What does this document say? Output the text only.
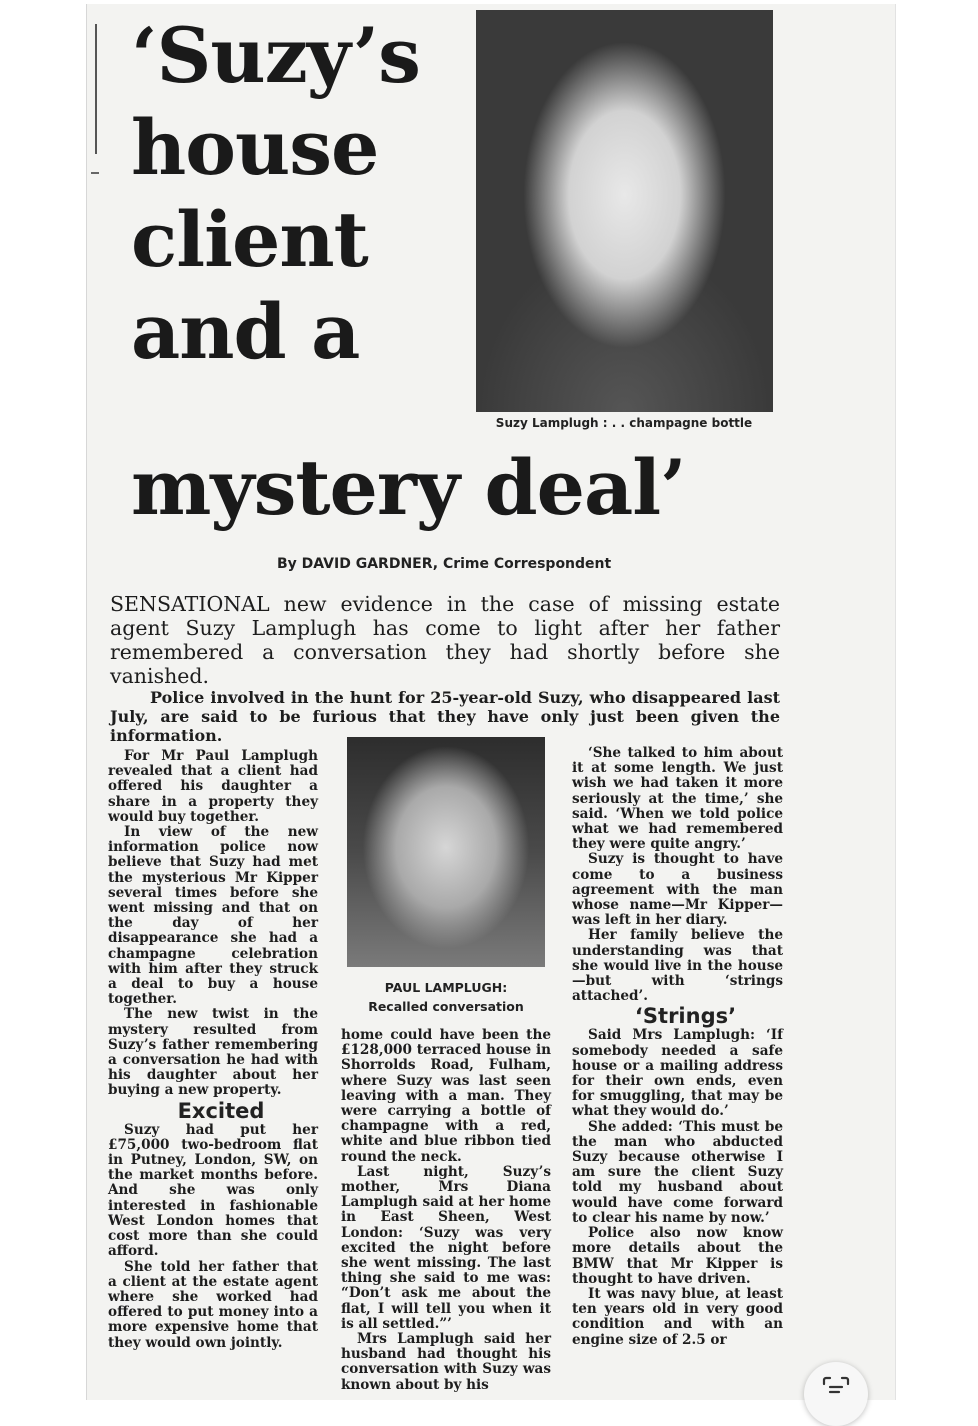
‘Suzy’s
house
client
and a
mystery deal’

Suzy Lamplugh : . . champagne bottle

By DAVID GARDNER, Crime Correspondent

SENSATIONAL new evidence in the case of missing estate agent Suzy Lamplugh has come to light after her father remembered a conversation they had shortly before she vanished.

Police involved in the hunt for 25-year-old Suzy, who disappeared last July, are said to be furious that they have only just been given the information.

For Mr Paul Lamplugh revealed that a client had offered his daughter a share in a property they would buy together.

In view of the new information police now believe that Suzy had met the mysterious Mr Kipper several times before she went missing and that on the day of her disappearance she had a champagne celebration with him after they struck a deal to buy a house together.

The new twist in the mystery resulted from Suzy’s father remembering a conversation he had with his daughter about her buying a new property.

Excited

Suzy had put her £75,000 two-bedroom flat in Putney, London, SW, on the market months before. And she was only interested in fashionable West London homes that cost more than she could afford.

She told her father that a client at the estate agent where she worked had offered to put money into a more expensive home that they would own jointly.

PAUL LAMPLUGH:
Recalled conversation

home could have been the £128,000 terraced house in Shorrolds Road, Fulham, where Suzy was last seen leaving with a man. They were carrying a bottle of champagne with a red, white and blue ribbon tied round the neck.

Last night, Suzy’s mother, Mrs Diana Lamplugh said at her home in East Sheen, West London: ‘Suzy was very excited the night before she went missing. The last thing she said to me was: “Don’t ask me about the flat, I will tell you when it is all settled.”’

Mrs Lamplugh said her husband had thought his conversation with Suzy was known about by his

‘She talked to him about it at some length. We just wish we had taken it more seriously at the time,’ she said. ‘When we told police what we had remembered they were quite angry.’

Suzy is thought to have come to a business agreement with the man whose name—Mr Kipper—was left in her diary.

Her family believe the understanding was that she would live in the house—but with ‘strings attached’.

‘Strings’

Said Mrs Lamplugh: ‘If somebody needed a safe house or a mailing address for their own ends, even for smuggling, that may be what they would do.’

She added: ‘This must be the man who abducted Suzy because otherwise I am sure the client Suzy told my husband about would have come forward to clear his name by now.’

Police also now know more details about the BMW that Mr Kipper is thought to have driven.

It was navy blue, at least ten years old in very good condition and with an engine size of 2.5 or
